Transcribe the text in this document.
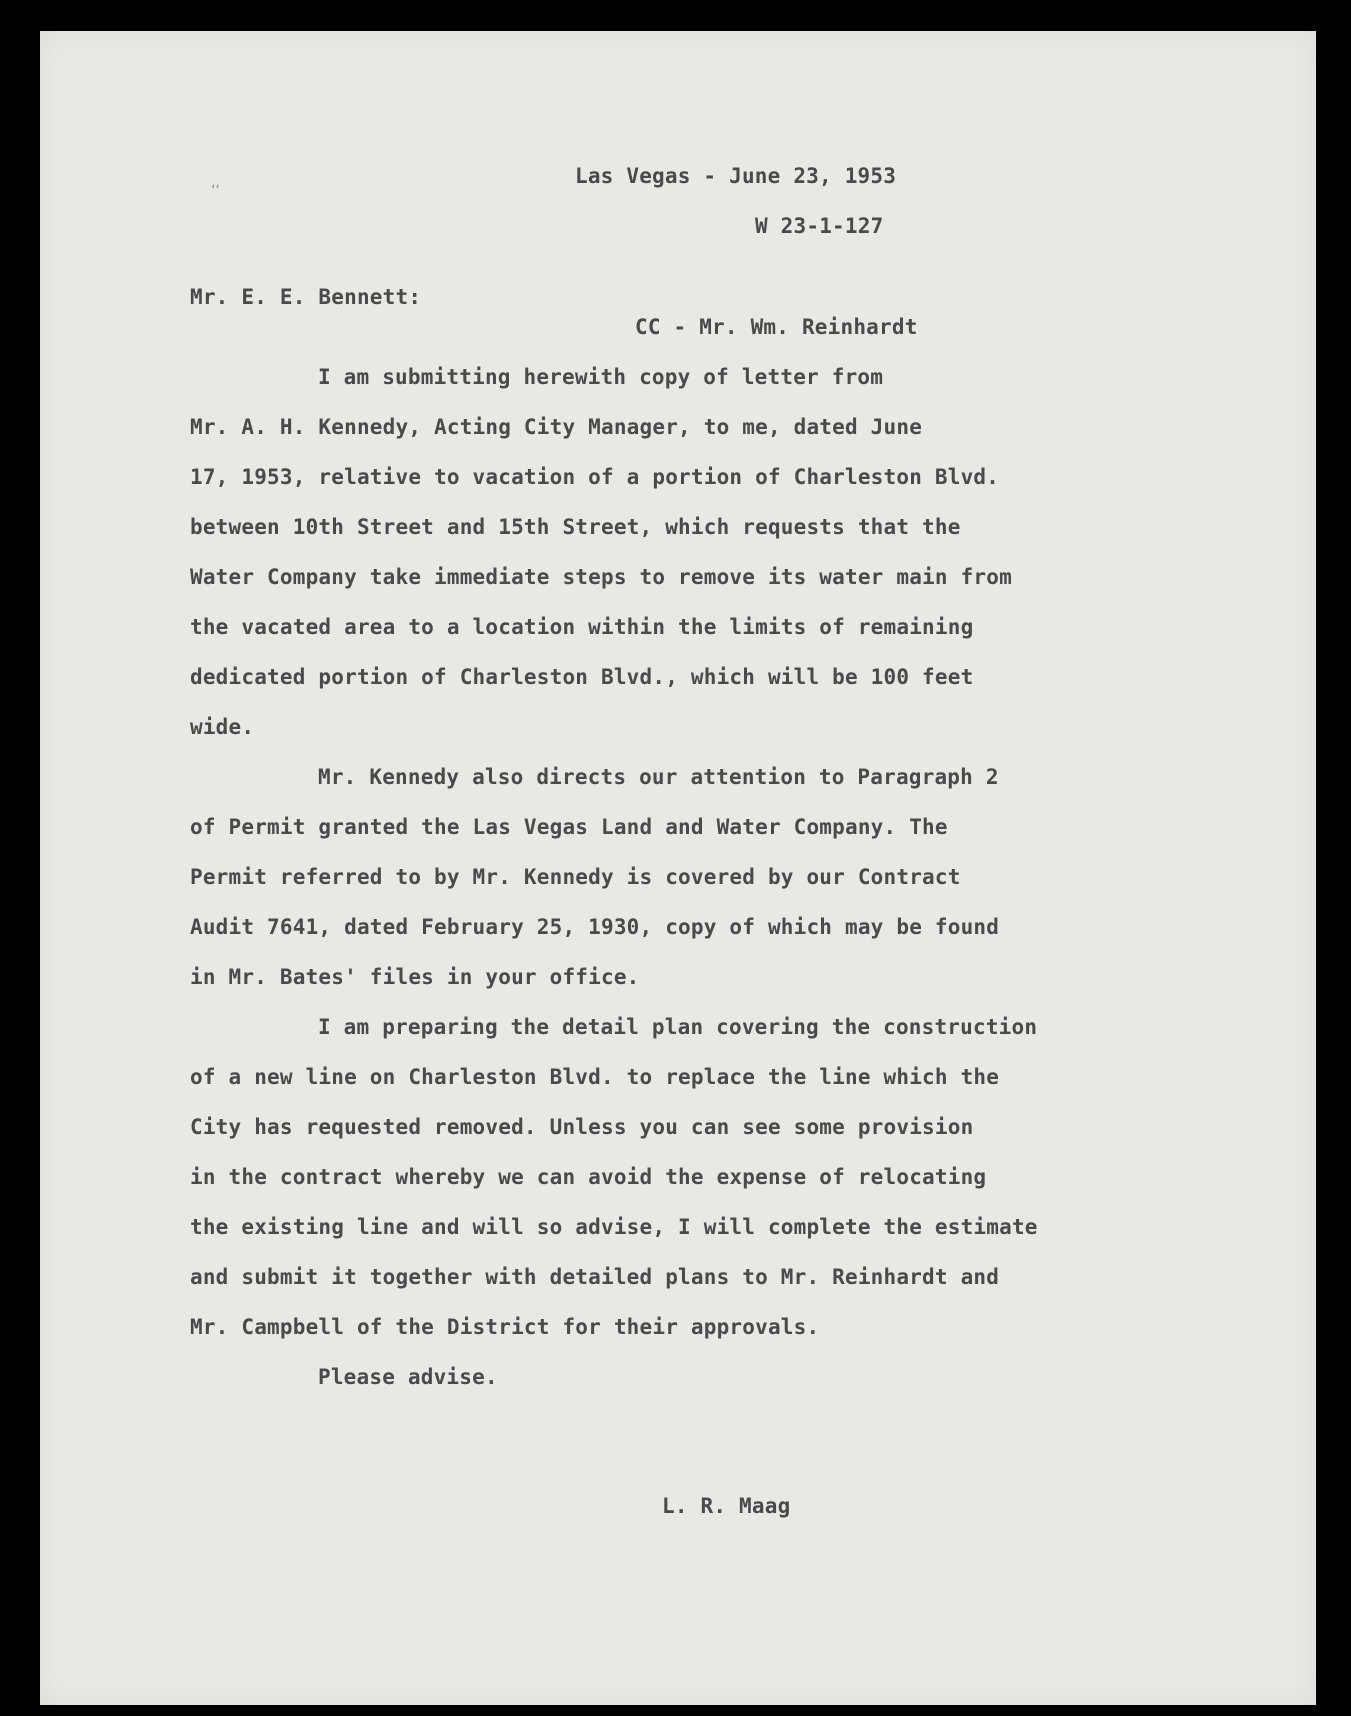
‘‘
Las Vegas - June 23, 1953
W 23-1-127
Mr. E. E. Bennett:
CC - Mr. Wm. Reinhardt
I am submitting herewith copy of letter from
Mr. A. H. Kennedy, Acting City Manager, to me, dated June
17, 1953, relative to vacation of a portion of Charleston Blvd.
between 10th Street and 15th Street, which requests that the
Water Company take immediate steps to remove its water main from
the vacated area to a location within the limits of remaining
dedicated portion of Charleston Blvd., which will be 100 feet
wide.
Mr. Kennedy also directs our attention to Paragraph 2
of Permit granted the Las Vegas Land and Water Company. The
Permit referred to by Mr. Kennedy is covered by our Contract
Audit 7641, dated February 25, 1930, copy of which may be found
in Mr. Bates' files in your office.
I am preparing the detail plan covering the construction
of a new line on Charleston Blvd. to replace the line which the
City has requested removed. Unless you can see some provision
in the contract whereby we can avoid the expense of relocating
the existing line and will so advise, I will complete the estimate
and submit it together with detailed plans to Mr. Reinhardt and
Mr. Campbell of the District for their approvals.
Please advise.
L. R. Maag
